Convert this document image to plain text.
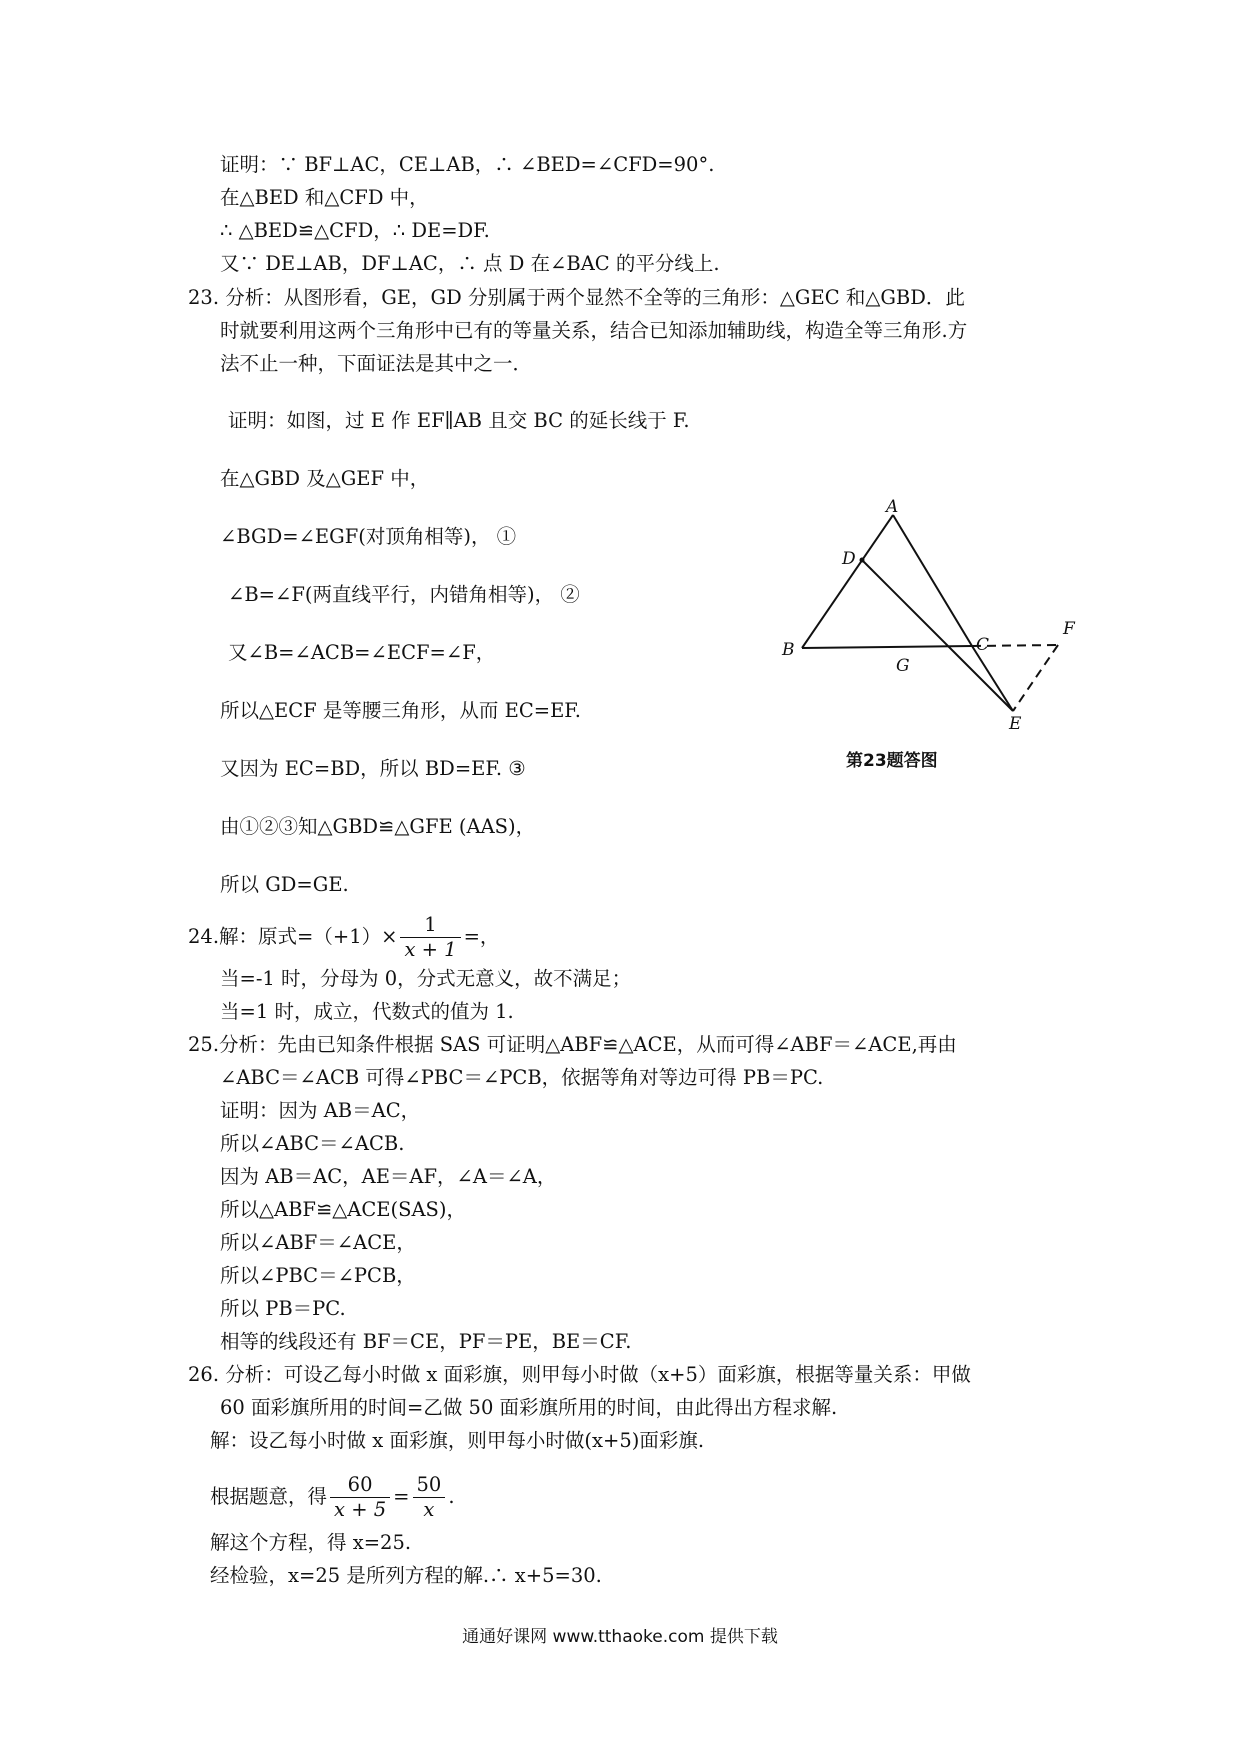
证明：∵ BF⊥AC，CE⊥AB，∴ ∠BED=∠CFD=90°.
在△BED 和△CFD 中，
∴ △BED≌△CFD，∴ DE=DF.
又∵ DE⊥AB，DF⊥AC，∴ 点 D 在∠BAC 的平分线上.
23. 分析：从图形看，GE，GD 分别属于两个显然不全等的三角形：△GEC 和△GBD．此
时就要利用这两个三角形中已有的等量关系，结合已知添加辅助线，构造全等三角形.方
法不止一种，下面证法是其中之一．
证明：如图，过 E 作 EF∥AB 且交 BC 的延长线于 F.
在△GBD 及△GEF 中，
∠BGD=∠EGF(对顶角相等)， ①
∠B=∠F(两直线平行，内错角相等)， ②
又∠B=∠ACB=∠ECF=∠F，
所以△ECF 是等腰三角形，从而 EC=EF.
又因为 EC=BD，所以 BD=EF. ③
由①②③知△GBD≌△GFE (AAS)，
所以 GD=GE.
24.解：原式$=(+1)\times \frac{1}{x + 1}$ =，
当=-1 时，分母为 0，分式无意义，故不满足；
当=1 时，成立，代数式的值为 1.
25.分析：先由已知条件根据 SAS 可证明△ABF≌△ACE，从而可得∠ABF＝∠ACE,再由
∠ABC＝∠ACB 可得∠PBC＝∠PCB，依据等角对等边可得 PB＝PC.
证明：因为 AB＝AC，
所以∠ABC＝∠ACB.
因为 AB＝AC，AE＝AF，∠A＝∠A，
所以△ABF≌△ACE(SAS)，
所以∠ABF＝∠ACE，
所以∠PBC＝∠PCB，
所以 PB＝PC.
相等的线段还有 BF＝CE，PF＝PE，BE＝CF.
26. 分析：可设乙每小时做 x 面彩旗，则甲每小时做（x+5）面彩旗，根据等量关系：甲做
60 面彩旗所用的时间=乙做 50 面彩旗所用的时间，由此得出方程求解.
解：设乙每小时做 x 面彩旗，则甲每小时做(x+5)面彩旗.
根据题意，得 $\frac{60}{x + 5} = \frac{50}{x}$ .
解这个方程，得 x=25.
经检验，x=25 是所列方程的解.∴ x+5=30.
A
B	C
D
E
F
G
第23题答图
通通好课网 www.tthaoke.com 提供下载
